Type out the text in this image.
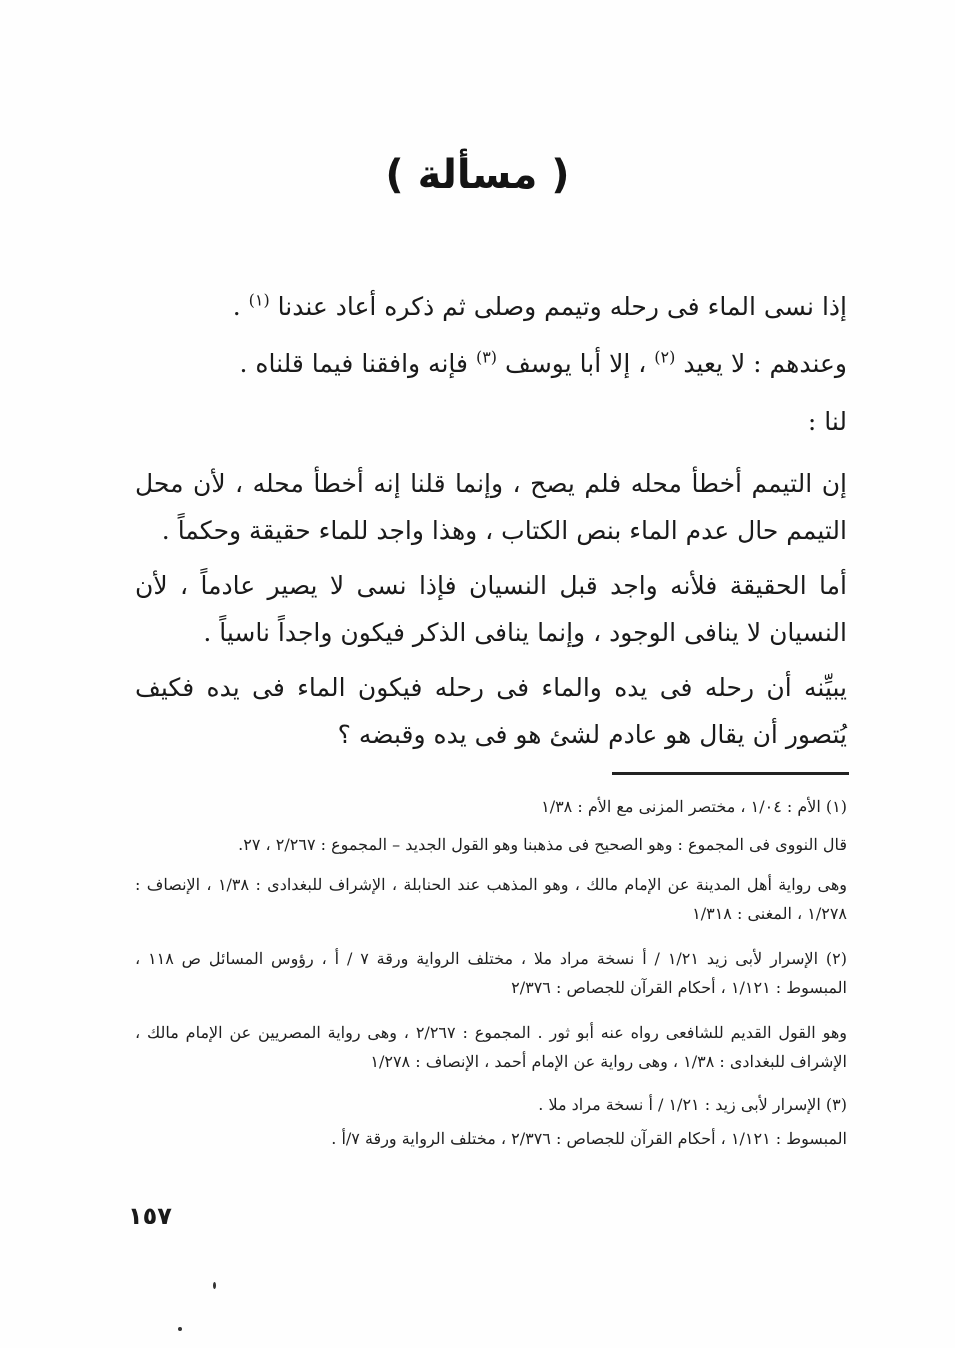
( مسألة )

إذا نسى الماء فى رحله وتيمم وصلى ثم ذكره أعاد عندنا $^{(١)}$ .

وعندهم : لا يعيد $^{(٢)}$ ، إلا أبا يوسف $^{(٣)}$ فإنه وافقنا فيما قلناه .

لنا :

إن التيمم أخطأ محله فلم يصح ، وإنما قلنا إنه أخطأ محله ، لأن محل التيمم حال عدم الماء بنص الكتاب ، وهذا واجد للماء حقيقة وحكماً .

أما الحقيقة فلأنه واجد قبل النسيان فإذا نسى لا يصير عادماً ، لأن النسيان لا ينافى الوجود ، وإنما ينافى الذكر فيكون واجداً ناسياً .

يبيِّنه أن رحله فى يده والماء فى رحله فيكون الماء فى يده فكيف يُتصور أن يقال هو عادم لشئ هو فى يده وقبضه ؟

(١) الأم : ١/٠٤ ، مختصر المزنى مع الأم : ١/٣٨

قال النووى فى المجموع : وهو الصحيح فى مذهبنا وهو القول الجديد – المجموع : ٢/٢٦٧ ، ٢٧.

وهى رواية أهل المدينة عن الإمام مالك ، وهو المذهب عند الحنابلة ، الإشراف للبغدادى : ١/٣٨ ، الإنصاف : ١/٢٧٨ ، المغنى : ١/٣١٨

(٢) الإسرار لأبى زيد ١/٢١ / أ نسخة مراد ملا ، مختلف الرواية ورقة ٧ / أ ، رؤوس المسائل ص ١١٨ ، المبسوط : ١/١٢١ ، أحكام القرآن للجصاص : ٢/٣٧٦

وهو القول القديم للشافعى رواه عنه أبو ثور . المجموع : ٢/٢٦٧ ، وهى رواية المصريين عن الإمام مالك ، الإشراف للبغدادى : ١/٣٨ ، وهى رواية عن الإمام أحمد ، الإنصاف : ١/٢٧٨

(٣) الإسرار لأبى زيد : ١/٢١ / أ نسخة مراد ملا .

المبسوط : ١/١٢١ ، أحكام القرآن للجصاص : ٢/٣٧٦ ، مختلف الرواية ورقة ٧/أ .

١٥٧
